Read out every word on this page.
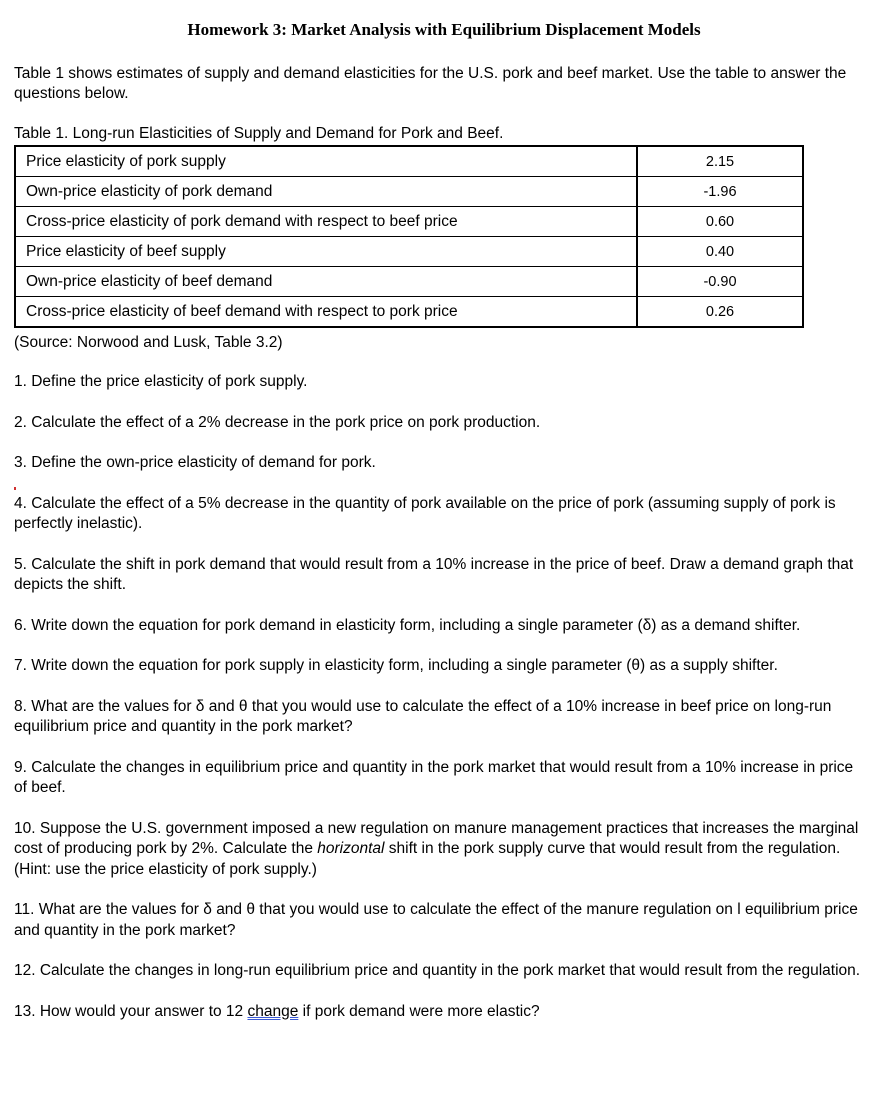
Homework 3: Market Analysis with Equilibrium Displacement Models
Table 1 shows estimates of supply and demand elasticities for the U.S. pork and beef market. Use the table to answer the questions below.
Table 1. Long-run Elasticities of Supply and Demand for Pork and Beef.
Price elasticity of pork supply	2.15
Own-price elasticity of pork demand	-1.96
Cross-price elasticity of pork demand with respect to beef price	0.60
Price elasticity of beef supply	0.40
Own-price elasticity of beef demand	-0.90
Cross-price elasticity of beef demand with respect to pork price	0.26
(Source: Norwood and Lusk, Table 3.2)

1. Define the price elasticity of pork supply.

2. Calculate the effect of a 2% decrease in the pork price on pork production.

3. Define the own-price elasticity of demand for pork.

4. Calculate the effect of a 5% decrease in the quantity of pork available on the price of pork (assuming supply of pork is perfectly inelastic).

5. Calculate the shift in pork demand that would result from a 10% increase in the price of beef. Draw a demand graph that depicts the shift.

6. Write down the equation for pork demand in elasticity form, including a single parameter (δ) as a demand shifter.

7. Write down the equation for pork supply in elasticity form, including a single parameter (θ) as a supply shifter.

8. What are the values for δ and θ that you would use to calculate the effect of a 10% increase in beef price on long-run equilibrium price and quantity in the pork market?

9. Calculate the changes in equilibrium price and quantity in the pork market that would result from a 10% increase in price of beef.

10. Suppose the U.S. government imposed a new regulation on manure management practices that increases the marginal cost of producing pork by 2%. Calculate the horizontal shift in the pork supply curve that would result from the regulation. (Hint: use the price elasticity of pork supply.)

11. What are the values for δ and θ that you would use to calculate the effect of the manure regulation on l equilibrium price and quantity in the pork market?

12. Calculate the changes in long-run equilibrium price and quantity in the pork market that would result from the regulation.

13. How would your answer to 12 change if pork demand were more elastic?
